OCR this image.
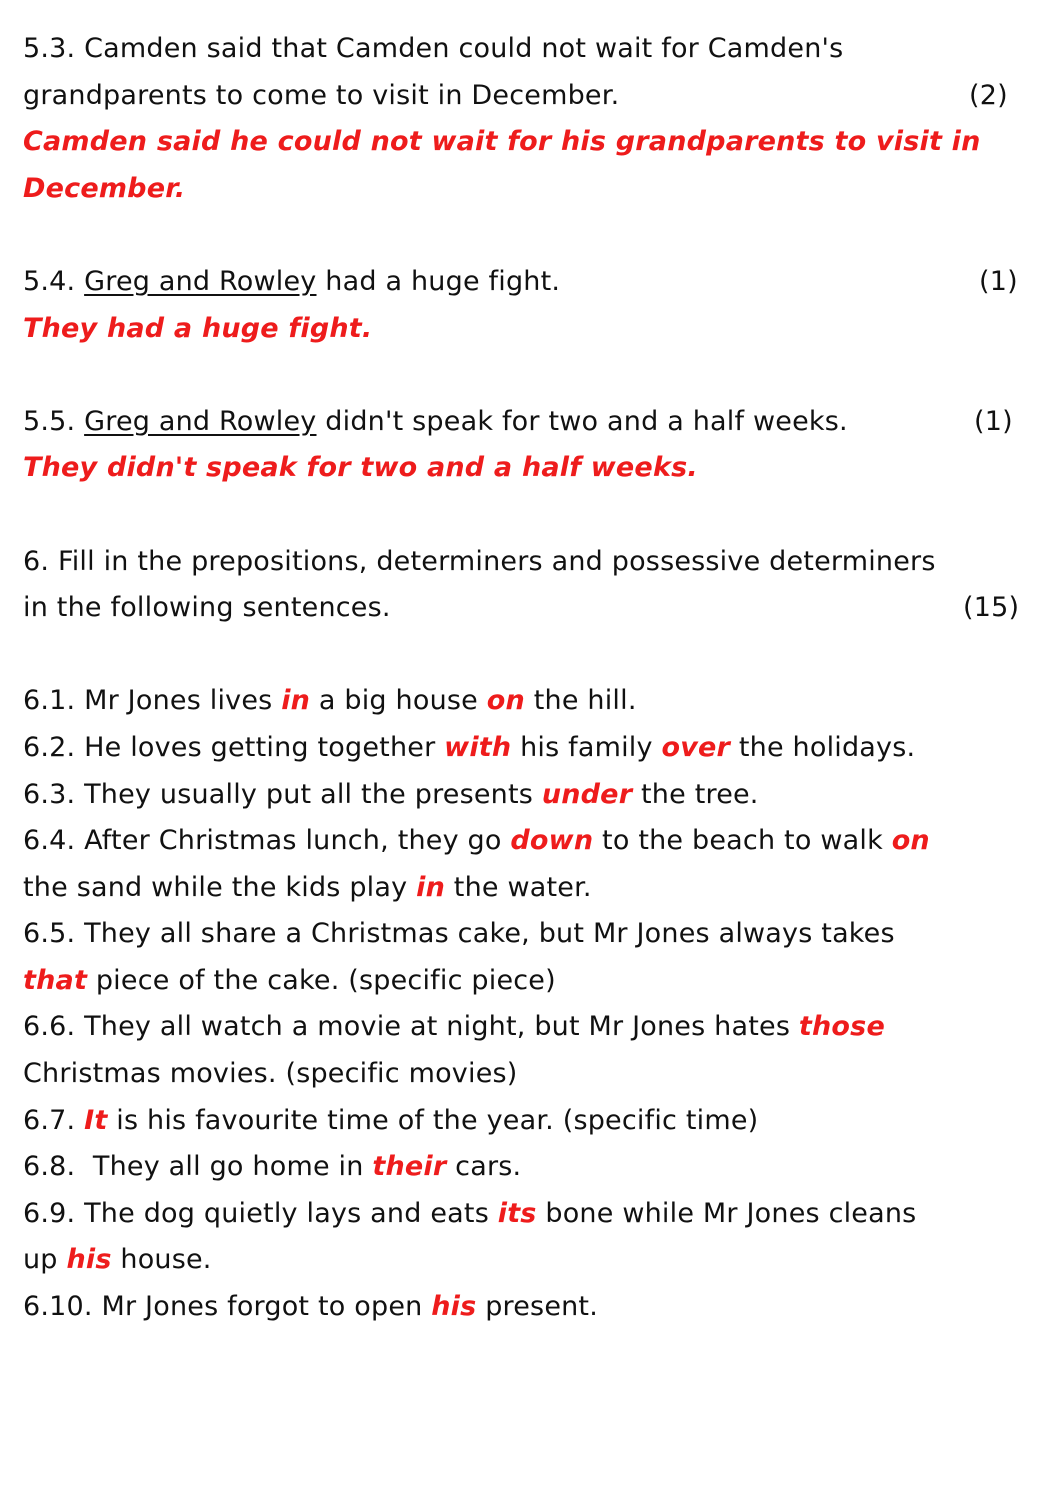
5.3. Camden said that Camden could not wait for Camden's
grandparents to come to visit in December.	(2)
Camden said he could not wait for his grandparents to visit in
December.
5.4. Greg and Rowley had a huge fight.	(1)
They had a huge fight.
5.5. Greg and Rowley didn't speak for two and a half weeks.	(1)
They didn't speak for two and a half weeks.
6. Fill in the prepositions, determiners and possessive determiners
in the following sentences.	(15)
6.1. Mr Jones lives in a big house on the hill.
6.2. He loves getting together with his family over the holidays.
6.3. They usually put all the presents under the tree.
6.4. After Christmas lunch, they go down to the beach to walk on
the sand while the kids play in the water.
6.5. They all share a Christmas cake, but Mr Jones always takes
that piece of the cake. (specific piece)
6.6. They all watch a movie at night, but Mr Jones hates those
Christmas movies. (specific movies)
6.7. It is his favourite time of the year. (specific time)
6.8.  They all go home in their cars.
6.9. The dog quietly lays and eats its bone while Mr Jones cleans
up his house.
6.10. Mr Jones forgot to open his present.
